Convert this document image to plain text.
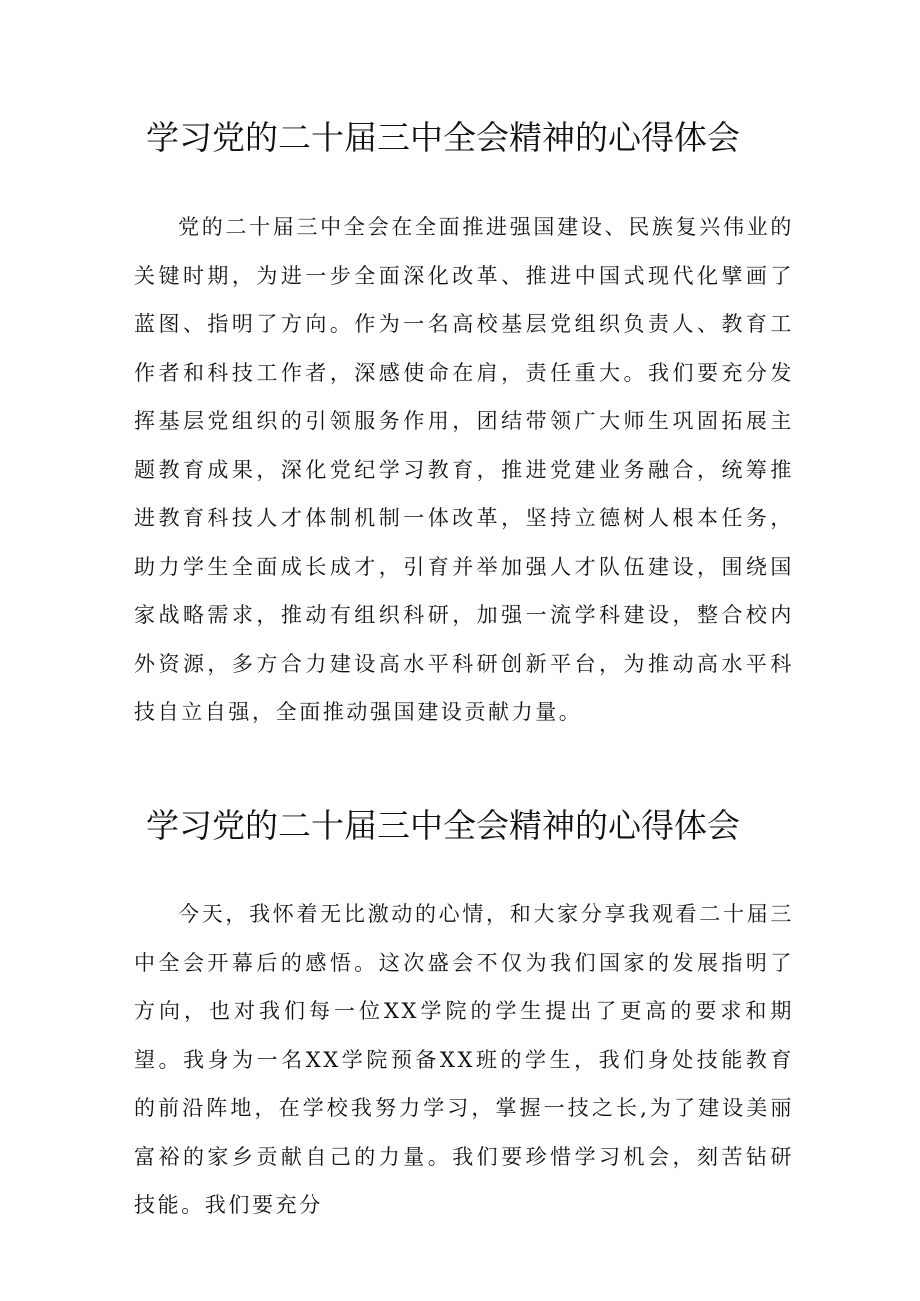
学习党的二十届三中全会精神的心得体会

党的二十届三中全会在全面推进强国建设、民族复兴伟业的关键时期，为进一步全面深化改革、推进中国式现代化擘画了蓝图、指明了方向。作为一名高校基层党组织负责人、教育工作者和科技工作者，深感使命在肩，责任重大。我们要充分发挥基层党组织的引领服务作用，团结带领广大师生巩固拓展主题教育成果，深化党纪学习教育，推进党建业务融合，统筹推进教育科技人才体制机制一体改革，坚持立德树人根本任务，助力学生全面成长成才，引育并举加强人才队伍建设，围绕国家战略需求，推动有组织科研，加强一流学科建设，整合校内外资源，多方合力建设高水平科研创新平台，为推动高水平科技自立自强，全面推动强国建设贡献力量。

学习党的二十届三中全会精神的心得体会

今天，我怀着无比激动的心情，和大家分享我观看二十届三中全会开幕后的感悟。这次盛会不仅为我们国家的发展指明了方向，也对我们每一位XX学院的学生提出了更高的要求和期望。我身为一名XX学院预备XX班的学生，我们身处技能教育的前沿阵地，在学校我努力学习，掌握一技之长,为了建设美丽富裕的家乡贡献自己的力量。我们要珍惜学习机会，刻苦钻研技能。我们要充分
